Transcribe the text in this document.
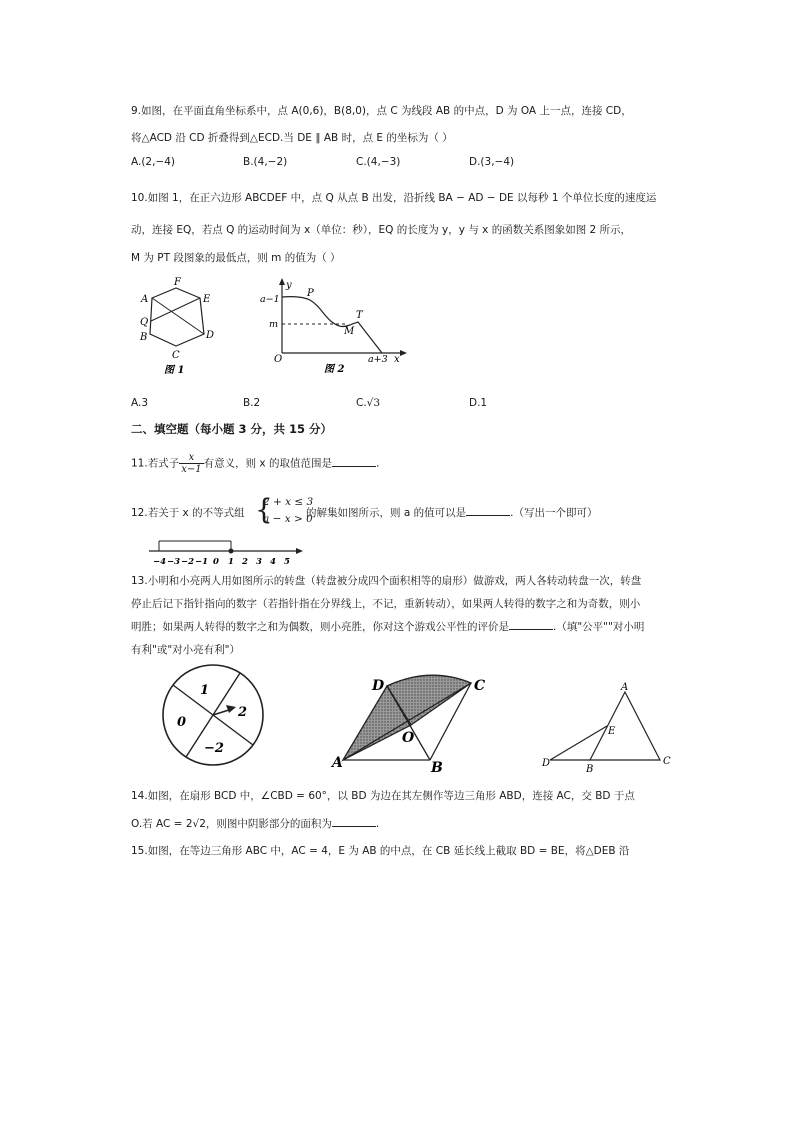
9.如图，在平面直角坐标系中，点 A(0,6)，B(8,0)，点 C 为线段 AB 的中点，D 为 OA 上一点，连接 CD，
将△ACD 沿 CD 折叠得到△ECD.当 DE ∥ AB 时，点 E 的坐标为（ ）
A.(2,−4)	B.(4,−2)	C.(4,−3)	D.(3,−4)
10.如图 1，在正六边形 ABCDEF 中，点 Q 从点 B 出发，沿折线 BA − AD − DE 以每秒 1 个单位长度的速度运
动，连接 EQ，若点 Q 的运动时间为 x（单位：秒），EQ 的长度为 y，y 与 x 的函数关系图象如图 2 所示，
M 为 PT 段图象的最低点，则 m 的值为（ ）
F
A	E
Q
B	D
C
图 1
y
a−1
P
m
T
M
O	a+3 x
图 2
A.3	B.2	C.√3	D.1
二、填空题（每小题 3 分，共 15 分）
11.若式子 $\frac{x}{x-1}$ 有意义，则 x 的取值范围是	.
12.若关于 x 的不等式组 {
2 + x ≤ 3
a − x > 0
的解集如图所示，则 a 的值可以是	.（写出一个即可）
−4 −3 −2 −1 0 1 2 3 4 5
13.小明和小亮两人用如图所示的转盘（转盘被分成四个面积相等的扇形）做游戏，两人各转动转盘一次，转盘
停止后记下指针指向的数字（若指针指在分界线上，不记，重新转动），如果两人转得的数字之和为奇数，则小
明胜；如果两人转得的数字之和为偶数，则小亮胜，你对这个游戏公平性的评价是	.（填"公平""对小明
有利"或"对小亮有利"）
1
2
0
−2
D	C
O
A	B
A
E
D
B
C
14.如图，在扇形 BCD 中，∠CBD = 60°，以 BD 为边在其左侧作等边三角形 ABD，连接 AC，交 BD 于点
O.若 AC = 2√2，则图中阴影部分的面积为	.
15.如图，在等边三角形 ABC 中，AC = 4，E 为 AB 的中点，在 CB 延长线上截取 BD = BE，将△DEB 沿
